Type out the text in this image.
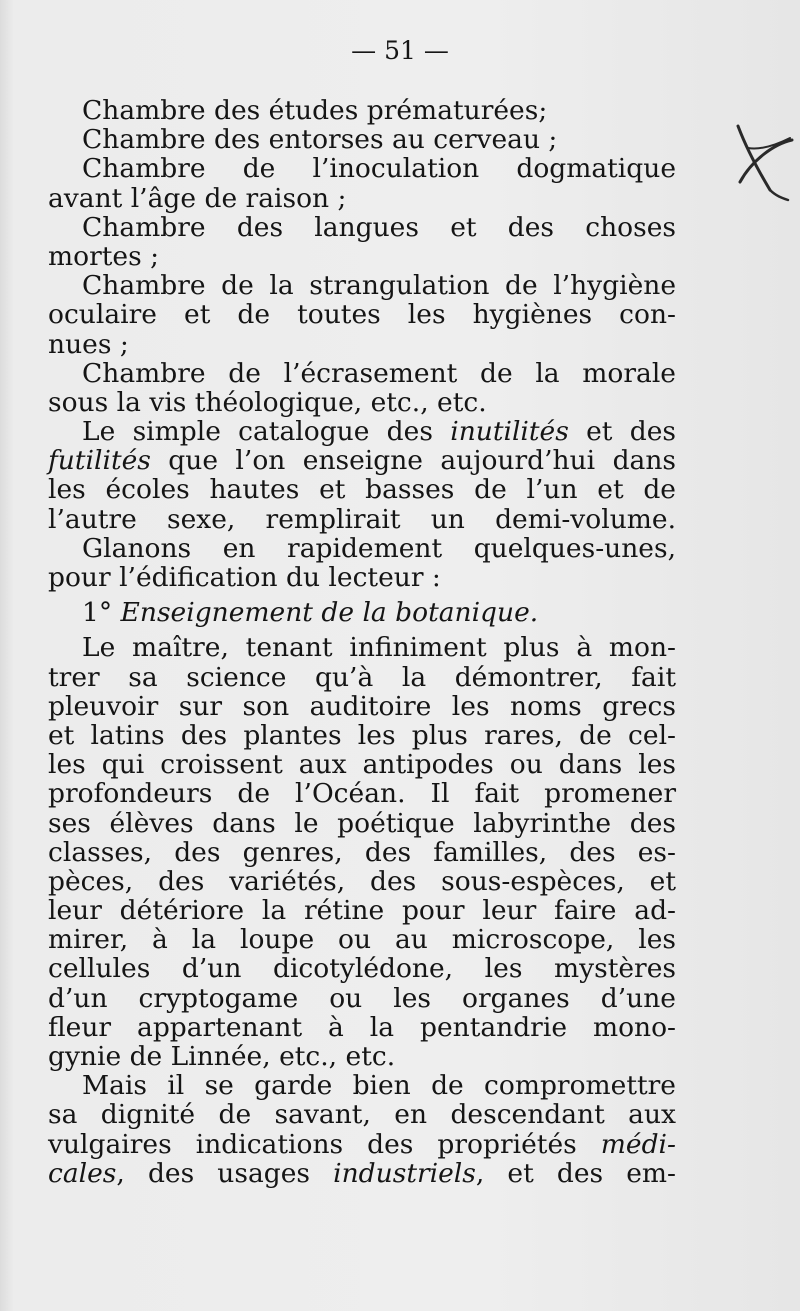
— 51 —
Chambre des études prématurées;
Chambre des entorses au cerveau ;
Chambre de l’inoculation dogmatique
avant l’âge de raison ;
Chambre des langues et des choses
mortes ;
Chambre de la strangulation de l’hygiène
oculaire et de toutes les hygiènes con-
nues ;
Chambre de l’écrasement de la morale
sous la vis théologique, etc., etc.
Le simple catalogue des inutilités et des
futilités que l’on enseigne aujourd’hui dans
les écoles hautes et basses de l’un et de
l’autre sexe, remplirait un demi-volume.
Glanons en rapidement quelques-unes,
pour l’édification du lecteur :
1° Enseignement de la botanique.
Le maître, tenant infiniment plus à mon-
trer sa science qu’à la démontrer, fait
pleuvoir sur son auditoire les noms grecs
et latins des plantes les plus rares, de cel-
les qui croissent aux antipodes ou dans les
profondeurs de l’Océan. Il fait promener
ses élèves dans le poétique labyrinthe des
classes, des genres, des familles, des es-
pèces, des variétés, des sous-espèces, et
leur détériore la rétine pour leur faire ad-
mirer, à la loupe ou au microscope, les
cellules d’un dicotylédone, les mystères
d’un cryptogame ou les organes d’une
fleur appartenant à la pentandrie mono-
gynie de Linnée, etc., etc.
Mais il se garde bien de compromettre
sa dignité de savant, en descendant aux
vulgaires indications des propriétés médi-
cales, des usages industriels, et des em-
